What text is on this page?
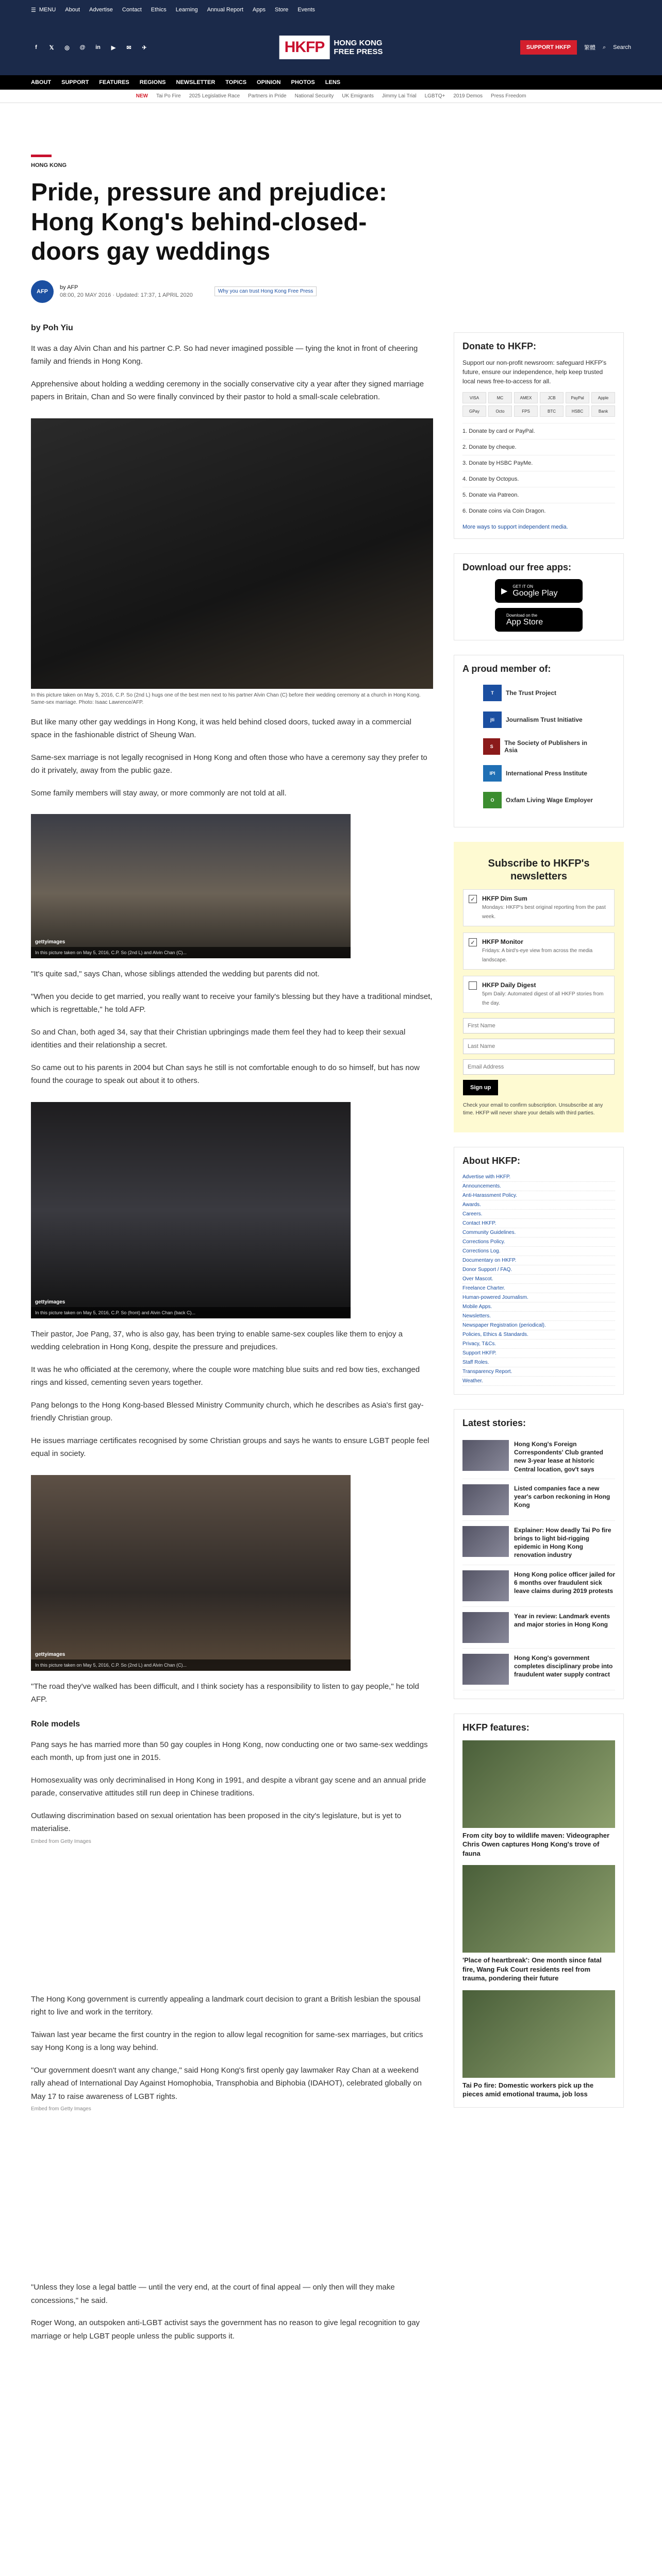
☰ MENU About Advertise Contact Ethics Learning Annual Report Apps Store Events
f	𝕏	◎	@	in	▶	✉	✈	HKFP	HONG KONG
FREE PRESS	SUPPORT HKFP	繁體 ⌕ Search
ABOUT SUPPORT FEATURES REGIONS NEWSLETTER TOPICS OPINION PHOTOS LENS
NEW Tai Po Fire 2025 Legislative Race Partners in Pride National Security UK Emigrants Jimmy Lai Trial LGBTQ+ 2019 Demos Press Freedom
HONG KONG
Pride, pressure and prejudice: Hong Kong's behind-closed-doors gay weddings
AFP
by AFP
08:00, 20 MAY 2016 · Updated: 17:37, 1 APRIL 2020
Why you can trust Hong Kong Free Press
by Poh Yiu

It was a day Alvin Chan and his partner C.P. So had never imagined possible — tying the knot in front of cheering family and friends in Hong Kong.

Apprehensive about holding a wedding ceremony in the socially conservative city a year after they signed marriage papers in Britain, Chan and So were finally convinced by their pastor to hold a small-scale celebration.

In this picture taken on May 5, 2016, C.P. So (2nd L) hugs one of the best men next to his partner Alvin Chan (C) before their wedding ceremony at a church in Hong Kong.
Same-sex marriage. Photo: Isaac Lawrence/AFP.

But like many other gay weddings in Hong Kong, it was held behind closed doors, tucked away in a commercial space in the fashionable district of Sheung Wan.

Same-sex marriage is not legally recognised in Hong Kong and often those who have a ceremony say they prefer to do it privately, away from the public gaze.

Some family members will stay away, or more commonly are not told at all.

gettyimages
In this picture taken on May 5, 2016, C.P. So (2nd L) and Alvin Chan (C)...

"It's quite sad," says Chan, whose siblings attended the wedding but parents did not.

"When you decide to get married, you really want to receive your family's blessing but they have a traditional mindset, which is regrettable," he told AFP.

So and Chan, both aged 34, say that their Christian upbringings made them feel they had to keep their sexual identities and their relationship a secret.

So came out to his parents in 2004 but Chan says he still is not comfortable enough to do so himself, but has now found the courage to speak out about it to others.

gettyimages
In this picture taken on May 5, 2016, C.P. So (front) and Alvin Chan (back C)...

Their pastor, Joe Pang, 37, who is also gay, has been trying to enable same-sex couples like them to enjoy a wedding celebration in Hong Kong, despite the pressure and prejudices.

It was he who officiated at the ceremony, where the couple wore matching blue suits and red bow ties, exchanged rings and kissed, cementing seven years together.

Pang belongs to the Hong Kong-based Blessed Ministry Community church, which he describes as Asia's first gay-friendly Christian group.

He issues marriage certificates recognised by some Christian groups and says he wants to ensure LGBT people feel equal in society.

gettyimages
In this picture taken on May 5, 2016, C.P. So (2nd L) and Alvin Chan (C)...

"The road they've walked has been difficult, and I think society has a responsibility to listen to gay people," he told AFP.

Role models

Pang says he has married more than 50 gay couples in Hong Kong, now conducting one or two same-sex weddings each month, up from just one in 2015.

Homosexuality was only decriminalised in Hong Kong in 1991, and despite a vibrant gay scene and an annual pride parade, conservative attitudes still run deep in Chinese traditions.

Outlawing discrimination based on sexual orientation has been proposed in the city's legislature, but is yet to materialise.

Embed from Getty Images

The Hong Kong government is currently appealing a landmark court decision to grant a British lesbian the spousal right to live and work in the territory.

Taiwan last year became the first country in the region to allow legal recognition for same-sex marriages, but critics say Hong Kong is a long way behind.

"Our government doesn't want any change," said Hong Kong's first openly gay lawmaker Ray Chan at a weekend rally ahead of International Day Against Homophobia, Transphobia and Biphobia (IDAHOT), celebrated globally on May 17 to raise awareness of LGBT rights.

Embed from Getty Images

"Unless they lose a legal battle — until the very end, at the court of final appeal — only then will they make concessions," he said.

Roger Wong, an outspoken anti-LGBT activist says the government has no reason to give legal recognition to gay marriage or help LGBT people unless the public supports it.

Donate to HKFP:
Support our non-profit newsroom: safeguard HKFP's future, ensure our independence, help keep trusted local news free-to-access for all.
VISA	MC	AMEX	JCB	PayPal	Apple
GPay	Octo	FPS	BTC	HSBC	Bank
1. Donate by card or PayPal.
2. Donate by cheque.
3. Donate by HSBC PayMe.
4. Donate by Octopus.
5. Donate via Patreon.
6. Donate coins via Coin Dragon.
More ways to support independent media.
Download our free apps:
▶
GET IT ON
Google Play
Download on the
App Store
A proud member of:
T	The Trust Project
jti	Journalism Trust Initiative
S	The Society of Publishers in Asia
IPI	International Press Institute
O	Oxfam Living Wage Employer
Subscribe to HKFP's newsletters
✓ HKFP Dim Sum
Mondays: HKFP's best original reporting from the past week.
✓ HKFP Monitor
Fridays: A bird's-eye view from across the media landscape.
HKFP Daily Digest
5pm Daily: Automated digest of all HKFP stories from the day.
First Name Last Name Email Address Sign up
Check your email to confirm subscription. Unsubscribe at any time. HKFP will never share your details with third parties.
About HKFP:
Advertise with HKFP.
Announcements.
Anti-Harassment Policy.
Awards.
Careers.
Contact HKFP.
Community Guidelines.
Corrections Policy.
Corrections Log.
Documentary on HKFP.
Donor Support / FAQ.
Over Mascot.
Freelance Charter.
Human-powered Journalism.
Mobile Apps.
Newsletters.
Newspaper Registration (periodical).
Policies, Ethics & Standards.
Privacy, T&Cs.
Support HKFP.
Staff Roles.
Transparency Report.
Weather.
Latest stories:
Hong Kong's Foreign Correspondents' Club granted new 3-year lease at historic Central location, gov't says
Listed companies face a new year's carbon reckoning in Hong Kong
Explainer: How deadly Tai Po fire brings to light bid-rigging epidemic in Hong Kong renovation industry
Hong Kong police officer jailed for 6 months over fraudulent sick leave claims during 2019 protests
Year in review: Landmark events and major stories in Hong Kong
Hong Kong's government completes disciplinary probe into fraudulent water supply contract
HKFP features:
From city boy to wildlife maven: Videographer Chris Owen captures Hong Kong's trove of fauna
'Place of heartbreak': One month since fatal fire, Wang Fuk Court residents reel from trauma, pondering their future
Tai Po fire: Domestic workers pick up the pieces amid emotional trauma, job loss
